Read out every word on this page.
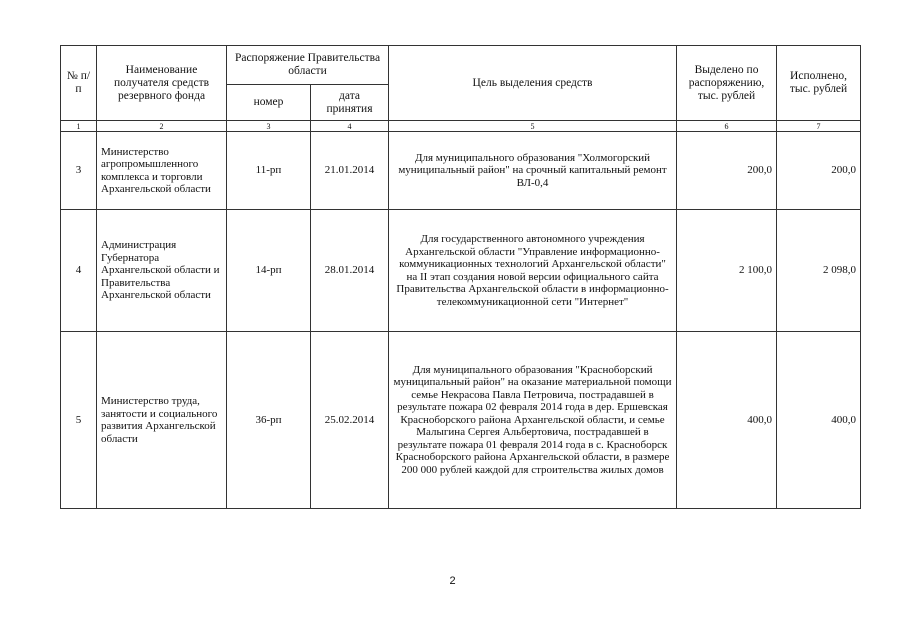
№ п/п	Наименование получателя средств резервного фонда	Распоряжение Правительства области		Цель выделения средств	Выделено по распоряжению, тыс. рублей	Исполнено, тыс. рублей
		номер	дата принятия			
1	2	3	4	5	6	7
3	Министерство агропромышленного комплекса и торговли Архангельской области	11-рп	21.01.2014	Для муниципального образования "Холмогорский муниципальный район" на срочный капитальный ремонт ВЛ-0,4	200,0	200,0
4	Администрация Губернатора Архангельской области и Правительства Архангельской области	14-рп	28.01.2014	Для государственного автономного учреждения Архангельской области "Управление информационно-коммуникационных технологий Архангельской области" на II этап создания новой версии официального сайта Правительства Архангельской области в информационно-телекоммуникационной сети "Интернет"	2 100,0	2 098,0
5	Министерство труда, занятости и социального развития Архангельской области	36-рп	25.02.2014	Для муниципального образования "Красноборский муниципальный район" на оказание материальной помощи семье Некрасова Павла Петровича, пострадавшей в результате пожара 02 февраля 2014 года в дер. Ершевская Красноборского района Архангельской области, и семье Малыгина Сергея Альбертовича, пострадавшей в результате пожара 01 февраля 2014 года в с. Красноборск Красноборского района Архангельской области, в размере 200 000 рублей каждой для строительства жилых домов	400,0	400,0
2
